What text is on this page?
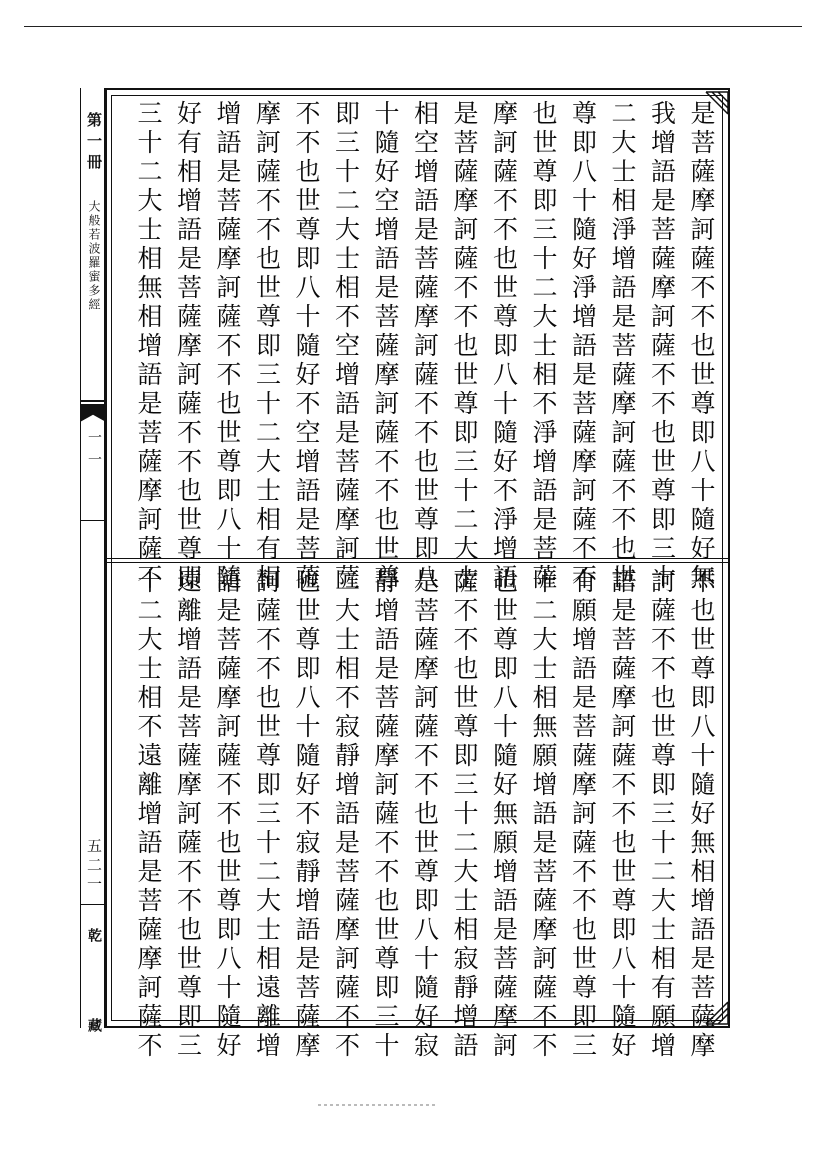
第一冊
大般若波羅蜜多經
一一
五二一
乾 藏
是菩薩摩訶薩不不也世尊即八十隨好無
我增語是菩薩摩訶薩不不也世尊即三十
二大士相淨增語是菩薩摩訶薩不不也世
尊即八十隨好淨增語是菩薩摩訶薩不不
也世尊即三十二大士相不淨增語是菩薩
摩訶薩不不也世尊即八十隨好不淨增語
是菩薩摩訶薩不不也世尊即三十二大士
相空增語是菩薩摩訶薩不不也世尊即八
十隨好空增語是菩薩摩訶薩不不也世尊
即三十二大士相不空增語是菩薩摩訶薩
不不也世尊即八十隨好不空增語是菩薩
摩訶薩不不也世尊即三十二大士相有相
增語是菩薩摩訶薩不不也世尊即八十隨
好有相增語是菩薩摩訶薩不不也世尊即
三十二大士相無相增語是菩薩摩訶薩不
不也世尊即八十隨好無相增語是菩薩摩
訶薩不不也世尊即三十二大士相有願增
語是菩薩摩訶薩不不也世尊即八十隨好
有願增語是菩薩摩訶薩不不也世尊即三
十二大士相無願增語是菩薩摩訶薩不不
也世尊即八十隨好無願增語是菩薩摩訶
薩不不也世尊即三十二大士相寂靜增語
是菩薩摩訶薩不不也世尊即八十隨好寂
靜增語是菩薩摩訶薩不不也世尊即三十
二大士相不寂靜增語是菩薩摩訶薩不不
也世尊即八十隨好不寂靜增語是菩薩摩
訶薩不不也世尊即三十二大士相遠離增
語是菩薩摩訶薩不不也世尊即八十隨好
遠離增語是菩薩摩訶薩不不也世尊即三
十二大士相不遠離增語是菩薩摩訶薩不
